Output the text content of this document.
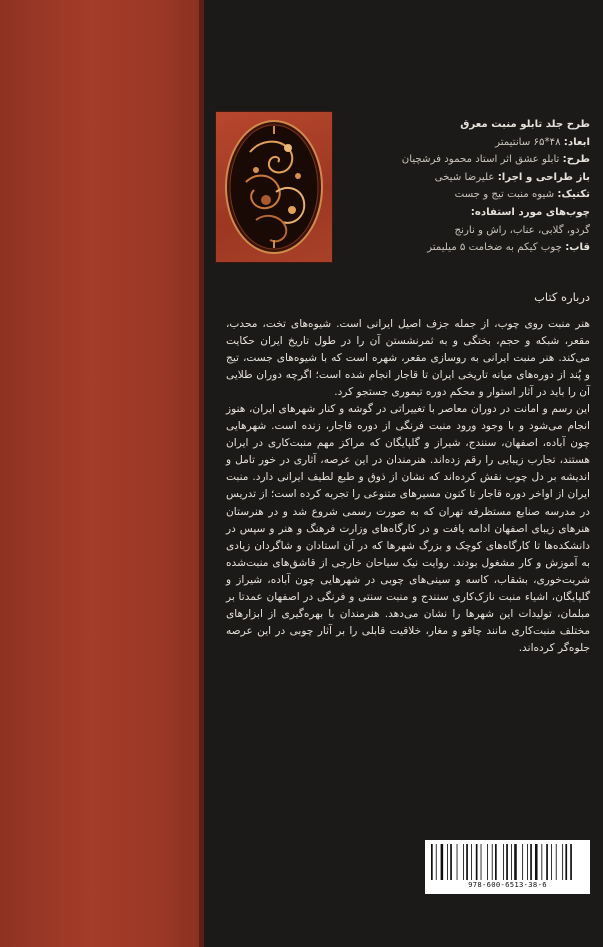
طرح جلد تابلو منبت معرق

ابعاد: ۴۸*۶۵ سانتیمتر

طرح: تابلو عشق اثر استاد محمود فرشچیان

باز طراحی و اجرا: علیرضا شیخی

تکنیک: شیوه منبت تیج و جست

چوب‌های مورد استفاده:

گردو، گلابی، عناب، راش و نارنج

قاب: چوب کیکم به ضخامت ۵ میلیمتر

درباره کتاب

هنر منبت روی چوب، از جمله جزف اصیل ایرانی است. شیوه‌های تخت، محدب، مقعر، شبکه و حجم، بختگی و به ثمرنشستن آن را در طول تاریخ ایران حکایت می‌کند. هنر منبت ایرانی به روسازی مقعر، شهره است که با شیوه‌های جست، تیج و پُند از دوره‌های میانه تاریخی ایران تا قاجار انجام شده است؛ اگرچه دوران طلایی آن را باید در آثار استوار و محکم دوره تیموری جستجو کرد.

این رسم و امانت در دوران معاصر با تغییراتی در گوشه و کنار شهرهای ایران، هنوز انجام می‌شود و با وجود ورود منبت فرنگی از دوره قاجار، زنده است. شهرهایی چون آباده، اصفهان، سنندج، شیراز و گلپایگان که مراکز مهم منبت‌کاری در ایران هستند، تجارب زیبایی را رقم زده‌اند. هنرمندان در این عرصه، آثاری در خور تامل و اندیشه بر دل چوب نقش کرده‌اند که نشان از ذوق و طبع لطیف ایرانی دارد. منبت ایران از اواخر دوره قاجار تا کنون مسیرهای متنوعی را تجربه کرده است؛ از تدریس در مدرسه صنایع مستظرفه تهران که به صورت رسمی شروع شد و در هنرستان هنرهای زیبای اصفهان ادامه یافت و در کارگاه‌های وزارت فرهنگ و هنر و سپس در دانشکده‌ها تا کارگاه‌های کوچک و بزرگ شهرها که در آن استادان و شاگردان زیادی به آموزش و کار مشغول بودند. روایت نیک سیاحان خارجی از قاشق‌های منبت‌شده شربت‌خوری، بشقاب، کاسه و سینی‌های چوبی در شهرهایی چون آباده، شیراز و گلپایگان، اشیاء منبت نازک‌کاری سنندج و منبت سنتی و فرنگی در اصفهان عمدتا بر مبلمان، تولیدات این شهرها را نشان می‌دهد. هنرمندان با بهره‌گیری از ابزارهای مختلف منبت‌کاری مانند چاقو و مغار، خلاقیت قابلی را بر آثار چوبی در این عرصه جلوه‌گر کرده‌اند.

978-600-6513-38-6
